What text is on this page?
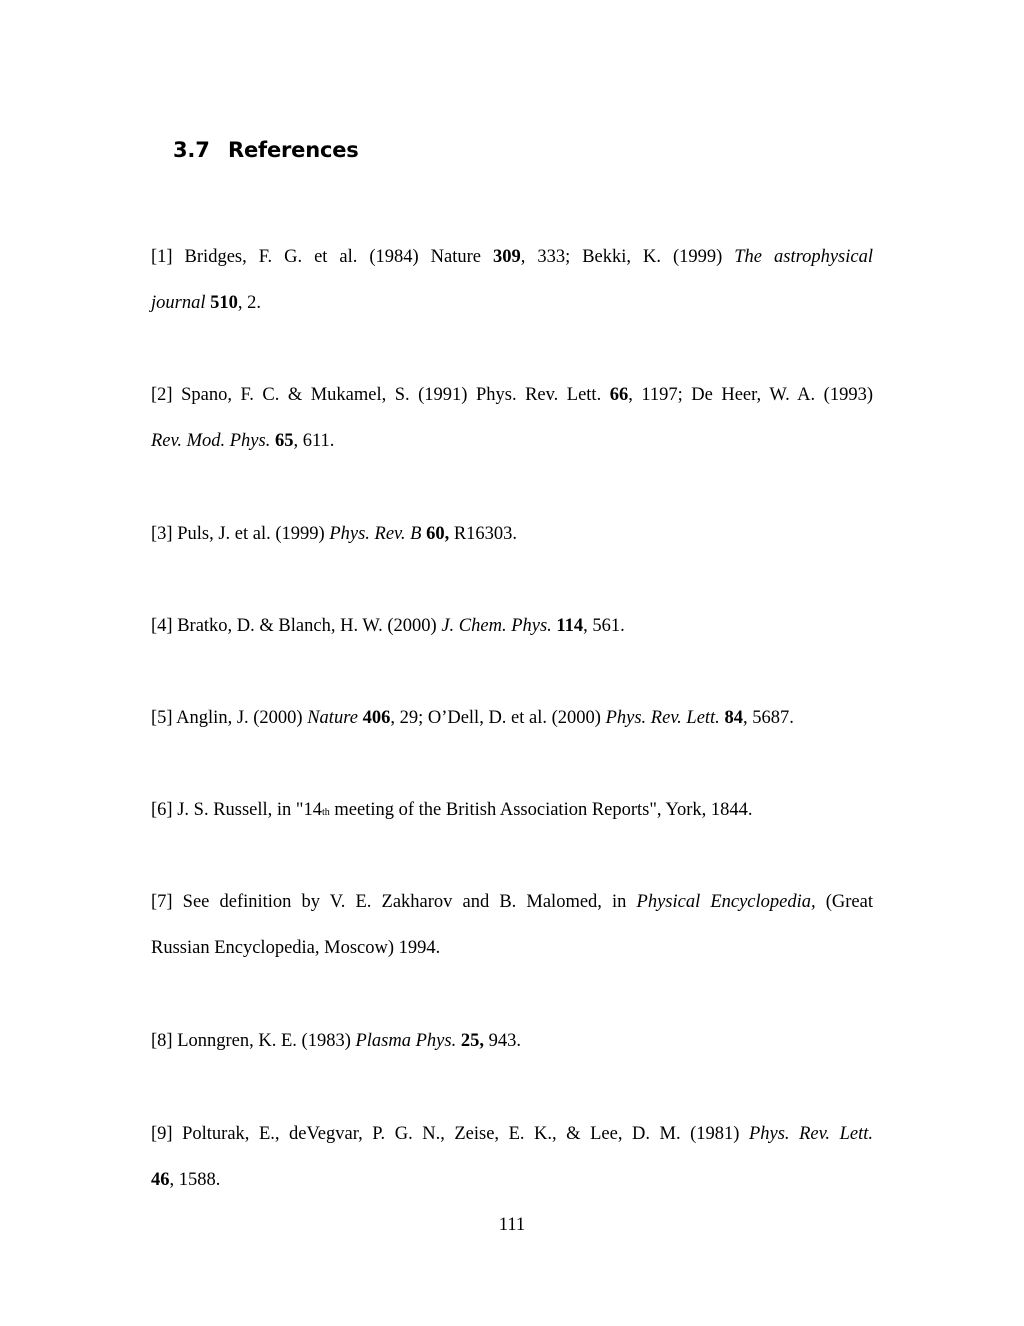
3.7 References
[1] Bridges, F. G. et al. (1984) Nature 309, 333; Bekki, K. (1999) The astrophysical
journal 510, 2.
[2] Spano, F. C. & Mukamel, S. (1991) Phys. Rev. Lett. 66, 1197; De Heer, W. A. (1993)
Rev. Mod. Phys. 65, 611.
[3] Puls, J. et al. (1999) Phys. Rev. B 60, R16303.
[4] Bratko, D. & Blanch, H. W. (2000) J. Chem. Phys. 114, 561.
[5] Anglin, J. (2000) Nature 406, 29; O’Dell, D. et al. (2000) Phys. Rev. Lett. 84, 5687.
[6] J. S. Russell, in "14th meeting of the British Association Reports", York, 1844.
[7] See definition by V. E. Zakharov and B. Malomed, in Physical Encyclopedia, (Great
Russian Encyclopedia, Moscow) 1994.
[8] Lonngren, K. E. (1983) Plasma Phys. 25, 943.
[9] Polturak, E., deVegvar, P. G. N., Zeise, E. K., & Lee, D. M. (1981) Phys. Rev. Lett.
46, 1588.
111
